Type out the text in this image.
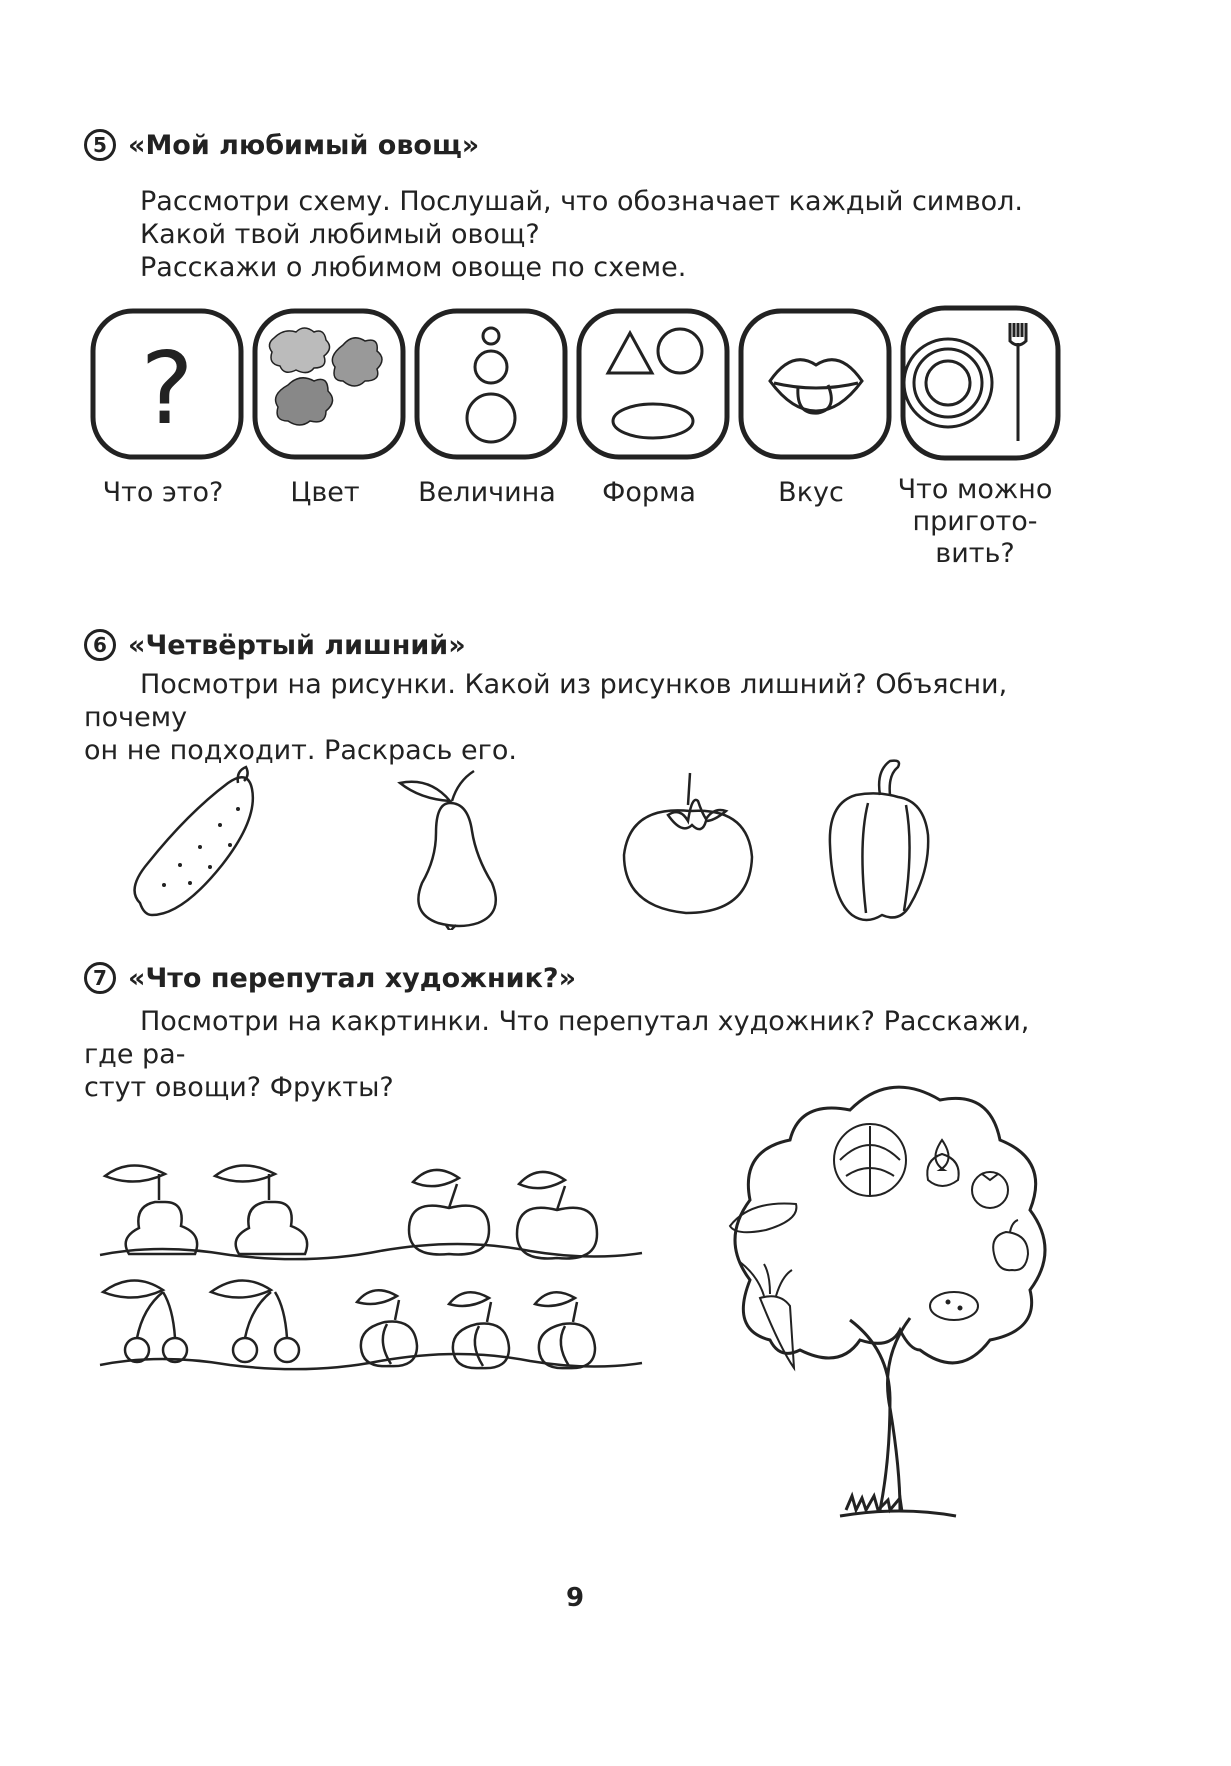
5 «Мой любимый овощ»
Рассмотри схему. Послушай, что обозначает каждый символ.
Какой твой любимый овощ?
Расскажи о любимом овоще по схеме.
?
Что это?	Цвет	Величина	Форма	Вкус	Что можно
пригото-
вить?
6 «Четвёртый лишний»
Посмотри на рисунки. Какой из рисунков лишний? Объясни, почему
он не подходит. Раскрась его.
7 «Что перепутал художник?»
Посмотри на какртинки. Что перепутал художник? Расскажи, где ра-
стут овощи? Фрукты?
9
